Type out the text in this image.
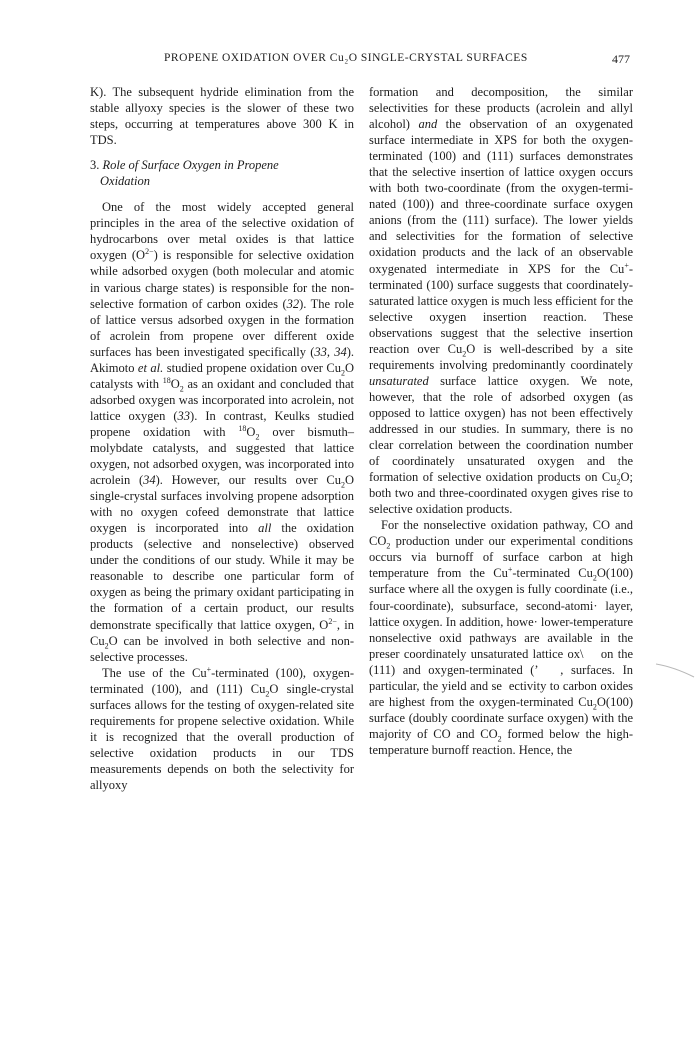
PROPENE OXIDATION OVER Cu₂O SINGLE-CRYSTAL SURFACES	477

K). The subsequent hydride elimination from the stable allyoxy species is the slower of these two steps, occurring at temperatures above 300 K in TDS.

3. Role of Surface Oxygen in Propene
Oxidation

One of the most widely accepted general principles in the area of the selective oxidation of hydrocarbons over metal oxides is that lattice oxygen $(O^{2-})$ is responsible for selective oxidation while adsorbed oxygen (both molecular and atomic in various charge states) is responsible for the nonselective formation of carbon oxides (32). The role of lattice versus adsorbed oxygen in the formation of acrolein from propene over different oxide surfaces has been investigated specifically (33, 34). Akimoto et al. studied propene oxidation over $Cu_2O$ catalysts with $^{18}O_2$ as an oxidant and concluded that adsorbed oxygen was incorporated into acrolein, not lattice oxygen (33). In contrast, Keulks studied propene oxidation with $^{18}O_2$ over bismuth–molybdate catalysts, and suggested that lattice oxygen, not adsorbed oxygen, was incorporated into acrolein (34). However, our results over $Cu_2O$ single-crystal surfaces involving propene adsorption with no oxygen cofeed demonstrate that lattice oxygen is incorporated into all the oxidation products (selective and nonselective) observed under the conditions of our study. While it may be reasonable to describe one particular form of oxygen as being the primary oxidant participating in the formation of a certain product, our results demonstrate specifically that lattice oxygen, $O^{2-}$, in $Cu_2O$ can be involved in both selective and non-selective processes.

The use of the Cu+-terminated (100), oxygen-terminated (100), and (111) $Cu_2O$ single-crystal surfaces allows for the testing of oxygen-related site requirements for propene selective oxidation. While it is recognized that the overall production of selective oxidation products in our TDS measurements depends on both the selectivity for allyoxy

formation and decomposition, the similar selectivities for these products (acrolein and allyl alcohol) and the observation of an oxygenated surface intermediate in XPS for both the oxygen-terminated (100) and (111) surfaces demonstrates that the selective insertion of lattice oxygen occurs with both two-coordinate (from the oxygen-terminated (100)) and three-coordinate surface oxygen anions (from the (111) surface). The lower yields and selectivities for the formation of selective oxidation products and the lack of an observable oxygenated intermediate in XPS for the Cu+-terminated (100) surface suggests that coordinately-saturated lattice oxygen is much less efficient for the selective oxygen insertion reaction. These observations suggest that the selective insertion reaction over $Cu_2O$ is well-described by a site requirements involving predominantly coordinately unsaturated surface lattice oxygen. We note, however, that the role of adsorbed oxygen (as opposed to lattice oxygen) has not been effectively addressed in our studies. In summary, there is no clear correlation between the coordination number of coordinately unsaturated oxygen and the formation of selective oxidation products on $Cu_2O$; both two and three-coordinated oxygen gives rise to selective oxidation products.

For the nonselective oxidation pathway, CO and $CO_2$ production under our experimental conditions occurs via burnoff of surface carbon at high temperature from the Cu+-terminated $Cu_2O(100)$ surface where all the oxygen is fully coordinate (i.e., four-coordinate), subsurface, second-atomi· layer, lattice oxygen. In addition, howe· lower-temperature nonselective oxid pathways are available in the preser coordinately unsaturated lattice ox\    on the (111) and oxygen-terminated (’   , surfaces. In particular, the yield and se  ectivity to carbon oxides are highest from the oxygen-terminated $Cu_2O(100)$ surface (doubly coordinate surface oxygen) with the majority of CO and $CO_2$ formed below the high-temperature burnoff reaction. Hence, the
